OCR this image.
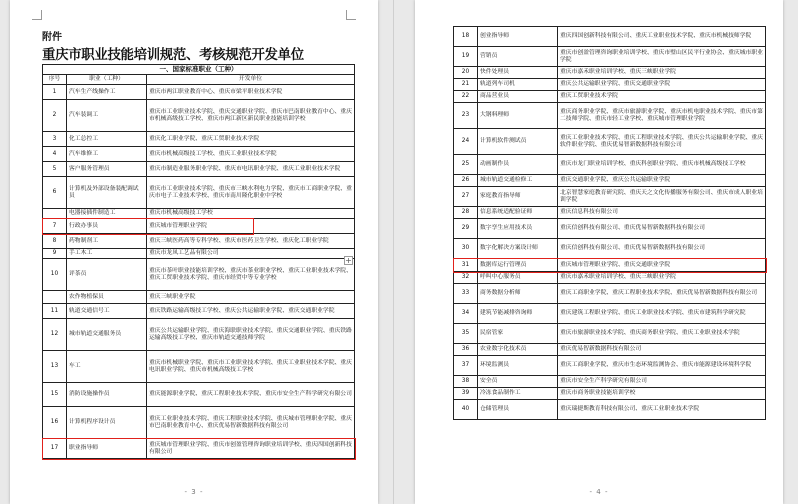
附件
重庆市职业技能培训规范、考核规范开发单位
一、国家标准职业（工种）		
序号	职业（工种）	开发单位
1	汽车生产线操作工	重庆市两江职业教育中心、重庆市梁平职业技术学院
2	汽车装调工	重庆市工业职业技术学院、重庆交通职业学院、重庆市巴南职业教育中心、重庆市机械高级技工学校、重庆市两江新区新民职业技能培训学校
3	化工总控工	重庆化工职业学院、重庆工贸职业技术学院
4	汽车维修工	重庆市机械高级技工学校、重庆工业职业技术学院
5	客户服务管理员	重庆市制造业服务职业学院、重庆市电讯职业学院、重庆工业职业技术学院
6	计算机及外部设备装配调试员	重庆市工业职业技术学院、重庆市三峡水利电力学院、重庆市工商职业学院、重庆市电子工业技术学校、重庆市南川隆化职业中学校
	电器接插件制造工	重庆市机械高级技工学校
7	行政办事员	重庆城市管理职业学院
8	药物制剂工	重庆三峡医药高等专科学校、重庆市医药卫生学校、重庆化工职业学院
9	手工木工	重庆市龙凤工艺品有限公司
10	评茶员	重庆市茶叶职业技能培训学校、重庆市茶业职业学校、重庆工业职业技术学院、重庆工贸职业技术学院、重庆市经贸中等专业学校
	农作物植保员	重庆三峡职业学院
11	轨道交通信号工	重庆铁路运输高级技工学校、重庆公共运输职业学院、重庆交通职业学院
12	城市轨道交通服务员	重庆公共运输职业学院、重庆海联职业技术学院、重庆交通职业学院、重庆铁路运输高级技工学校、重庆市轨道交通技师学院
13	车工	重庆市机械职业学院、重庆市工业职业技术学院、重庆工业职业技术学院、重庆电讯职业学院、重庆市机械高级技工学校
15	消防设施操作员	重庆能源职业学院、重庆工程职业技术学院、重庆市安全生产科学研究有限公司
16	计算机程序设计员	重庆工业职业技术学院、重庆工程职业技术学院、重庆城市管理职业学院、重庆市巴南职业教育中心、重庆优易智新数据科技有限公司
17	职业指导师	重庆城市管理职业学院、重庆市创盈管理咨询职业培训学校、重庆四国创新科技有限公司
- 3 -
+
18	创业指导师	重庆四国创新科技有限公司、重庆工业职业技术学院、重庆市机械技师学院
19	营销员	重庆市创盈管理咨询职业培训学校、重庆市璧山区民平行业协会、重庆城市职业学院
20	快件处理员	重庆市嘉禾职业培训学校、重庆三峡职业学院
21	轨道列车司机	重庆公共运输职业学院、重庆交通职业学院
22	商品营业员	重庆工贸职业技术学院
23	大钢料理师	重庆商务职业学院、重庆市旅游职业学院、重庆市机电职业技术学院、重庆市第二技师学院、重庆市轻工业学校、重庆城市管理职业学院
24	计算机软件测试员	重庆工业职业技术学院、重庆工程职业技术学院、重庆公共运输职业学院、重庆软件职业学院、重庆优易智新数据科技有限公司
25	动画制作员	重庆市龙门职业培训学校、重庆科创职业学院、重庆市机械高级技工学校
26	城市轨道交通检修工	重庆交通职业学院、重庆公共运输职业学院
27	家庭教育指导师	北京智慧家庭教育研究院、重庆天之文化传播服务有限公司、重庆市成人职业培训学院
28	信息系统适配验证师	重庆信息科技有限公司
29	数字孪生应用技术员	重庆信创科技有限公司、重庆优易智新数据科技有限公司
30	数字化解决方案设计师	重庆信创科技有限公司、重庆优易智新数据科技有限公司
31	数据库运行管理员	重庆城市管理职业学院、重庆交通职业学院
32	呼叫中心服务员	重庆市嘉禾职业培训学校、重庆三峡职业学院
33	商务数据分析师	重庆工商职业学院、重庆工程职业技术学院、重庆优易智新数据科技有限公司
34	建筑节能减排咨询师	重庆建筑工程职业学院、重庆工业职业技术学院、重庆市建筑科学研究院
35	民宿管家	重庆市旅游职业技术学院、重庆商务职业学院、重庆工业职业技术学院
36	农业数字化技术员	重庆优易智新数据科技有限公司
37	环境监测员	重庆工商职业学院、重庆市生态环境监测协会、重庆市能源建设环境科学院
38	安全员	重庆市安全生产科学研究有限公司
39	冷冻食品制作工	重庆市商务职业技能培训学校
40	仓储管理员	重庆瑞捷斯教育科技有限公司、重庆工业职业技术学院
- 4 -
